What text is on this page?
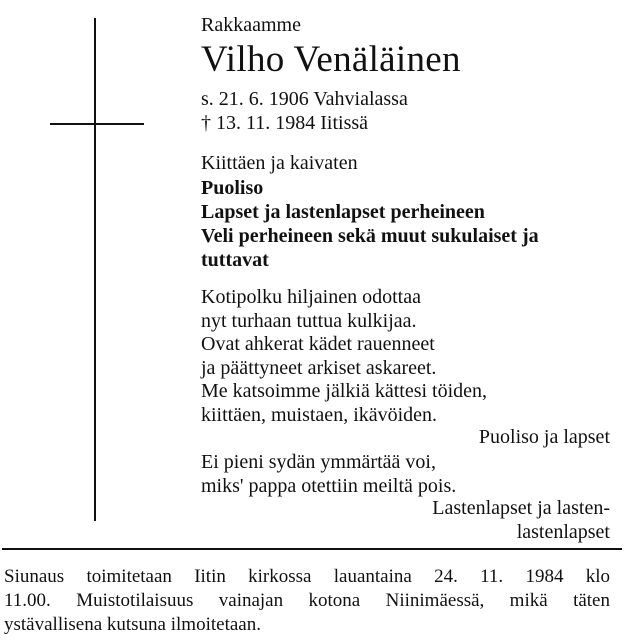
Rakkaamme
Vilho Venäläinen
s. 21. 6. 1906 Vahvialassa
† 13. 11. 1984 Iitissä
Kiittäen ja kaivaten
Puoliso
Lapset ja lastenlapset perheineen
Veli perheineen sekä muut sukulaiset ja
tuttavat
Kotipolku hiljainen odottaa
nyt turhaan tuttua kulkijaa.
Ovat ahkerat kädet rauenneet
ja päättyneet arkiset askareet.
Me katsoimme jälkiä kättesi töiden,
kiittäen, muistaen, ikävöiden.
Puoliso ja lapset
Ei pieni sydän ymmärtää voi,
miks' pappa otettiin meiltä pois.
Lastenlapset ja lasten-
lastenlapset
Siunaus toimitetaan Iitin kirkossa lauantaina 24. 11. 1984 klo
11.00. Muistotilaisuus vainajan kotona Niinimäessä, mikä täten
ystävallisena kutsuna ilmoitetaan.
